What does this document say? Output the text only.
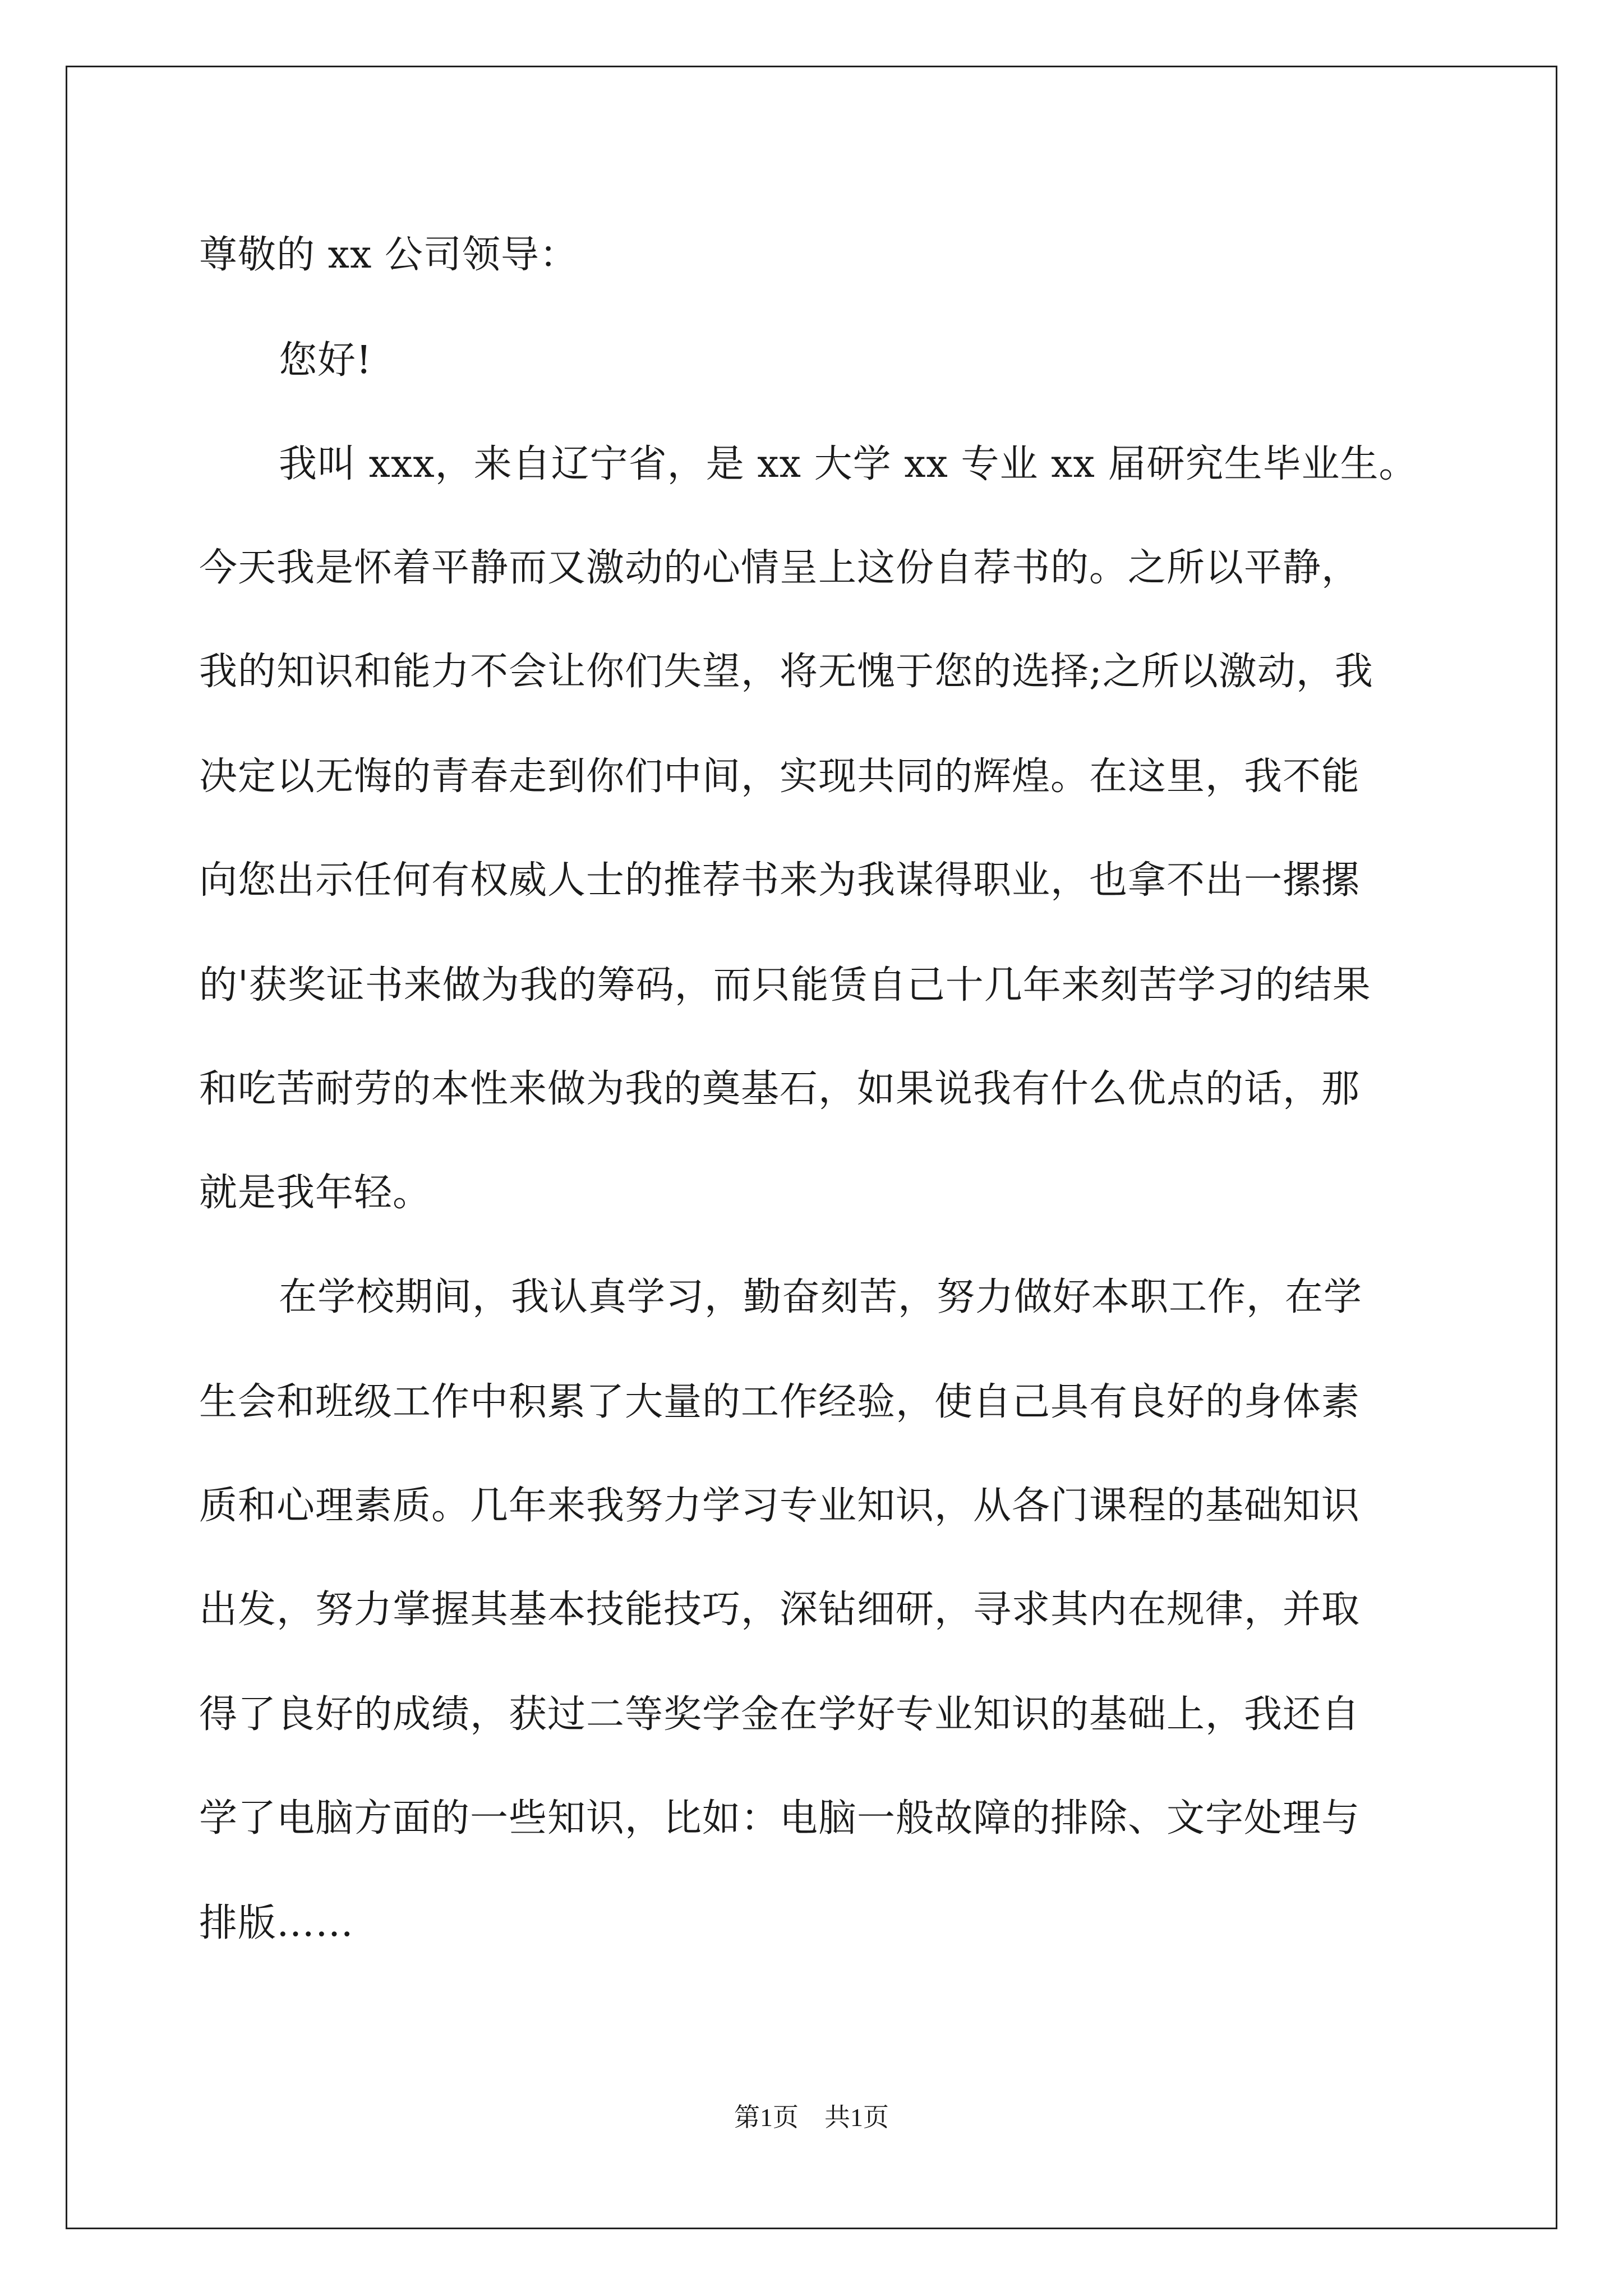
尊敬的 xx 公司领导：
您好!
我叫 xxx，来自辽宁省，是 xx 大学 xx 专业 xx 届研究生毕业生。
今天我是怀着平静而又激动的心情呈上这份自荐书的。之所以平静，
我的知识和能力不会让你们失望，将无愧于您的选择;之所以激动，我
决定以无悔的青春走到你们中间，实现共同的辉煌。在这里，我不能
向您出示任何有权威人士的推荐书来为我谋得职业，也拿不出一摞摞
的'获奖证书来做为我的筹码，而只能赁自己十几年来刻苦学习的结果
和吃苦耐劳的本性来做为我的奠基石，如果说我有什么优点的话，那
就是我年轻。
在学校期间，我认真学习，勤奋刻苦，努力做好本职工作，在学
生会和班级工作中积累了大量的工作经验，使自己具有良好的身体素
质和心理素质。几年来我努力学习专业知识，从各门课程的基础知识
出发，努力掌握其基本技能技巧，深钻细研，寻求其内在规律，并取
得了良好的成绩，获过二等奖学金在学好专业知识的基础上，我还自
学了电脑方面的一些知识，比如：电脑一般故障的排除、文字处理与
排版……
第1页　共1页
